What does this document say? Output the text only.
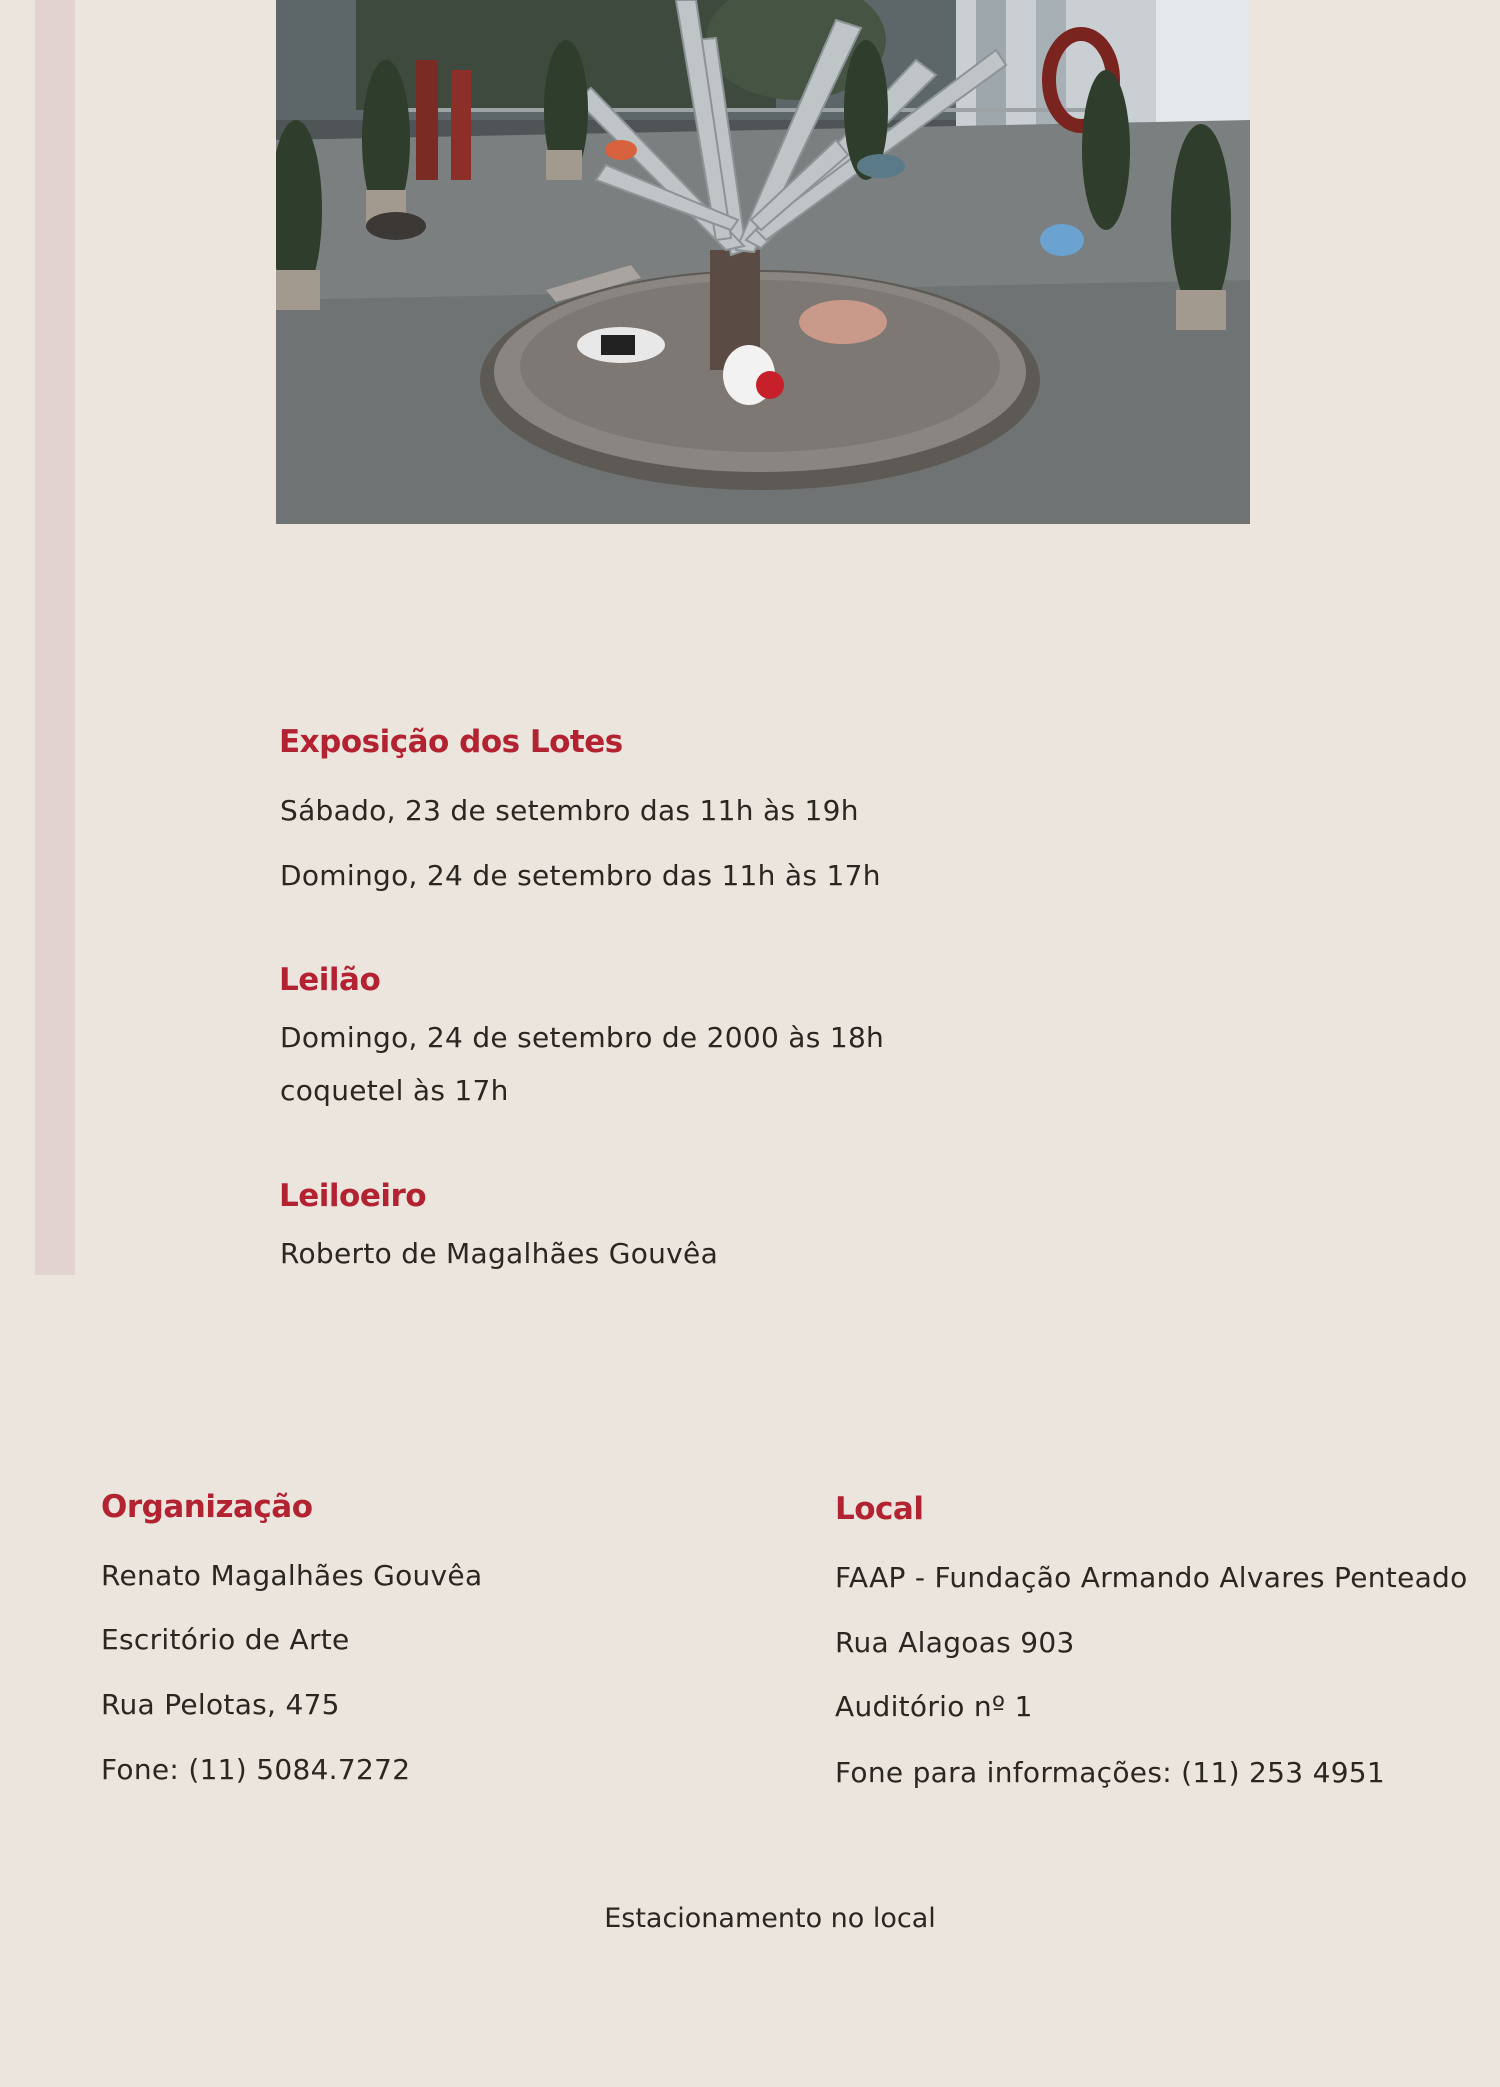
Exposição dos Lotes

Sábado, 23 de setembro das 11h às 19h

Domingo, 24 de setembro das 11h às 17h

Leilão

Domingo, 24 de setembro de 2000 às 18h

coquetel às 17h

Leiloeiro

Roberto de Magalhães Gouvêa

Organização

Renato Magalhães Gouvêa

Escritório de Arte

Rua Pelotas, 475

Fone: (11) 5084.7272

Local

FAAP - Fundação Armando Alvares Penteado

Rua Alagoas 903

Auditório nº 1

Fone para informações: (11) 253 4951

Estacionamento no local
